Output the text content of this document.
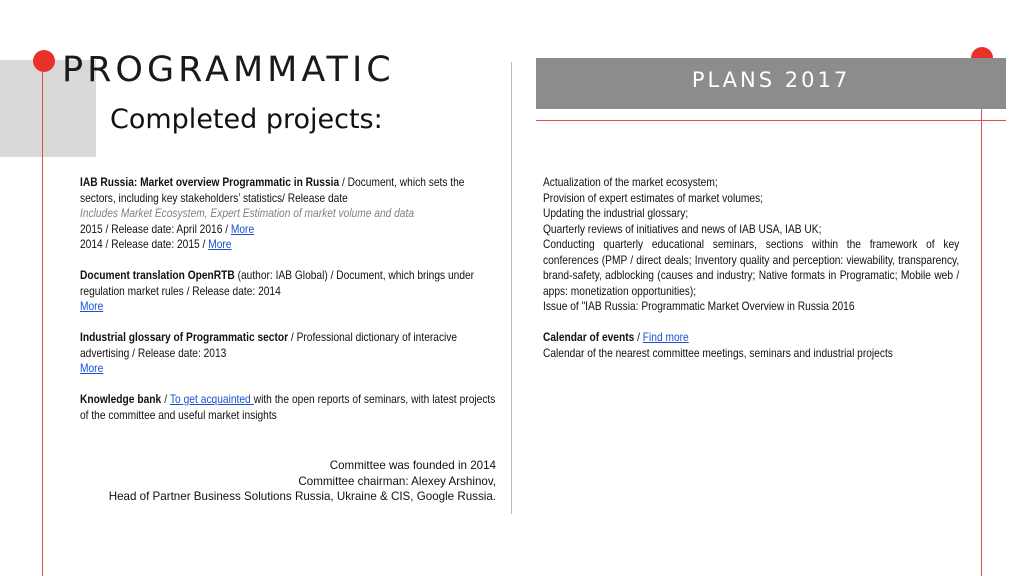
PROGRAMMATIC
Completed projects:
PLANS 2017
IAB Russia: Market overview Programmatic in Russia / Document, which sets the sectors, including key stakeholders’ statistics/ Release date
Includes Market Ecosystem, Expert Estimation of market volume and data
2015 / Release date: April 2016 / More
2014 / Release date: 2015 / More
Document translation OpenRTB (author: IAB Global) / Document, which brings under regulation market rules / Release date: 2014
More
Industrial glossary of Programmatic sector / Professional dictionary of interacive advertising / Release date: 2013
More
Knowledge bank / To get acquainted with the open reports of seminars, with latest projects of the committee and useful market insights
Committee was founded in 2014
Committee chairman: Alexey Arshinov,
Head of Partner Business Solutions Russia, Ukraine & CIS, Google Russia.
Actualization of the market ecosystem;
Provision of expert estimates of market volumes;
Updating the industrial glossary;
Quarterly reviews of initiatives and news of IAB USA, IAB UK;
Conducting quarterly educational seminars, sections within the framework of key conferences (PMP / direct deals; Inventory quality and perception: viewability, transparency, brand-safety, adblocking (causes and industry; Native formats in Programatic; Mobile web / apps: monetization opportunities);
Issue of "IAB Russia: Programmatic Market Overview in Russia 2016
Calendar of events / Find more
Calendar of the nearest committee meetings, seminars and industrial projects
